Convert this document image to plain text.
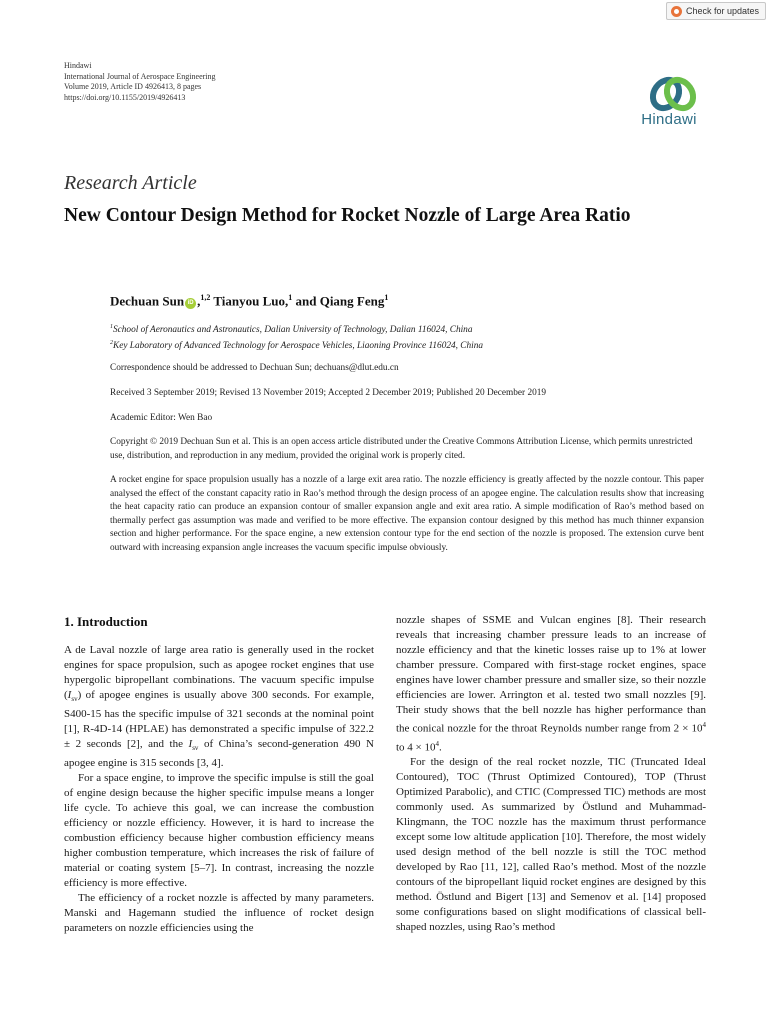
Check for updates
Hindawi
International Journal of Aerospace Engineering
Volume 2019, Article ID 4926413, 8 pages
https://doi.org/10.1155/2019/4926413
Hindawi
Research Article
New Contour Design Method for Rocket Nozzle of Large Area Ratio
Dechuan Sun iD ,$^{1,2}$ Tianyou Luo,$^1$ and Qiang Feng$^1$
$^1$School of Aeronautics and Astronautics, Dalian University of Technology, Dalian 116024, China
$^2$Key Laboratory of Advanced Technology for Aerospace Vehicles, Liaoning Province 116024, China
Correspondence should be addressed to Dechuan Sun; dechuans@dlut.edu.cn
Received 3 September 2019; Revised 13 November 2019; Accepted 2 December 2019; Published 20 December 2019
Academic Editor: Wen Bao
Copyright © 2019 Dechuan Sun et al. This is an open access article distributed under the Creative Commons Attribution License, which permits unrestricted use, distribution, and reproduction in any medium, provided the original work is properly cited.
A rocket engine for space propulsion usually has a nozzle of a large exit area ratio. The nozzle efficiency is greatly affected by the nozzle contour. This paper analysed the effect of the constant capacity ratio in Rao’s method through the design process of an apogee engine. The calculation results show that increasing the heat capacity ratio can produce an expansion contour of smaller expansion angle and exit area ratio. A simple modification of Rao’s method based on thermally perfect gas assumption was made and verified to be more effective. The expansion contour designed by this method has much thinner expansion section and higher performance. For the space engine, a new extension contour type for the end section of the nozzle is proposed. The extension curve bent outward with increasing expansion angle increases the vacuum specific impulse obviously.
1. Introduction

A de Laval nozzle of large area ratio is generally used in the rocket engines for space propulsion, such as apogee rocket engines that use hypergolic bipropellant combinations. The vacuum specific impulse $(I_{sv})$ of apogee engines is usually above 300 seconds. For example, S400-15 has the specific impulse of 321 seconds at the nominal point [1], R-4D-14 (HPLAE) has demonstrated a specific impulse of 322.2 ± 2 seconds [2], and the $I_{sv}$ of China’s second-generation 490 N apogee engine is 315 seconds [3, 4].

For a space engine, to improve the specific impulse is still the goal of engine design because the higher specific impulse means a longer life cycle. To achieve this goal, we can increase the combustion efficiency or nozzle efficiency. However, it is hard to increase the combustion efficiency because higher combustion efficiency means higher combustion temperature, which increases the risk of failure of material or coating system [5–7]. In contrast, increasing the nozzle efficiency is more effective.

The efficiency of a rocket nozzle is affected by many parameters. Manski and Hagemann studied the influence of rocket design parameters on nozzle efficiencies using the

nozzle shapes of SSME and Vulcan engines [8]. Their research reveals that increasing chamber pressure leads to an increase of nozzle efficiency and that the kinetic losses raise up to 1% at lower chamber pressure. Compared with first-stage rocket engines, space engines have lower chamber pressure and smaller size, so their nozzle efficiencies are lower. Arrington et al. tested two small nozzles [9]. Their study shows that the bell nozzle has higher performance than the conical nozzle for the throat Reynolds number range from $2 \times 10^4$ to $4 \times 10^4$.

For the design of the real rocket nozzle, TIC (Truncated Ideal Contoured), TOC (Thrust Optimized Contoured), TOP (Thrust Optimized Parabolic), and CTIC (Compressed TIC) methods are most commonly used. As summarized by Östlund and Muhammad-Klingmann, the TOC nozzle has the maximum thrust performance except some low altitude application [10]. Therefore, the most widely used design method of the bell nozzle is still the TOC method developed by Rao [11, 12], called Rao’s method. Most of the nozzle contours of the bipropellant liquid rocket engines are designed by this method. Östlund and Bigert [13] and Semenov et al. [14] proposed some configurations based on slight modifications of classical bell-shaped nozzles, using Rao’s method
